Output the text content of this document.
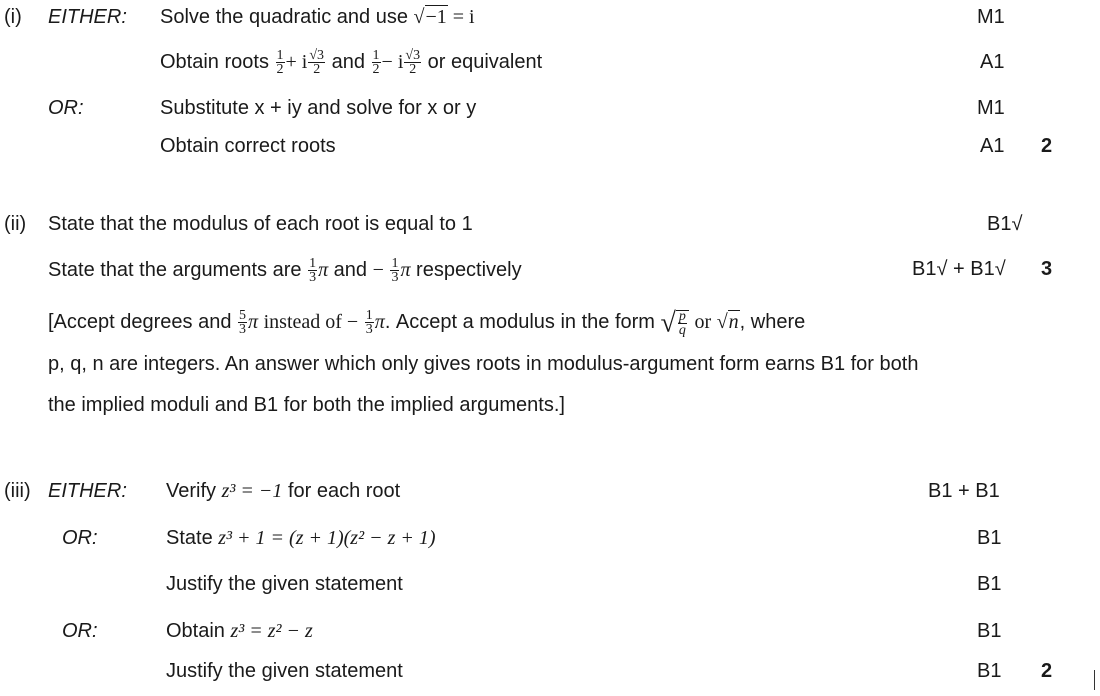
(i) EITHER: Solve the quadratic and use √−1 = i	M1
Obtain roots $\frac{1}{2} + i \frac{√3}{2}$ and $\frac{1}{2} - i \frac{√3}{2}$ or equivalent	A1
OR:	Substitute x + iy and solve for x or y	M1
Obtain correct roots	A1 2
(ii) State that the modulus of each root is equal to 1	B1√
State that the arguments are $\frac{1}{3}$ π and − $\frac{1}{3}$ π respectively	B1√ + B1√ 3
[Accept degrees and $\frac{5}{3}$ π instead of − $\frac{1}{3} \pi$. Accept a modulus in the form √ $\frac{p}{q}$ or √n, where
p, q, n are integers. An answer which only gives roots in modulus-argument form earns B1 for both
the implied moduli and B1 for both the implied arguments.]
(iii) EITHER: Verify z³ = −1 for each root	B1 + B1
OR:	State z³ + 1 = (z + 1)(z² − z + 1)	B1
Justify the given statement	B1
OR:	Obtain z³ = z² − z	B1
Justify the given statement	B1 2
